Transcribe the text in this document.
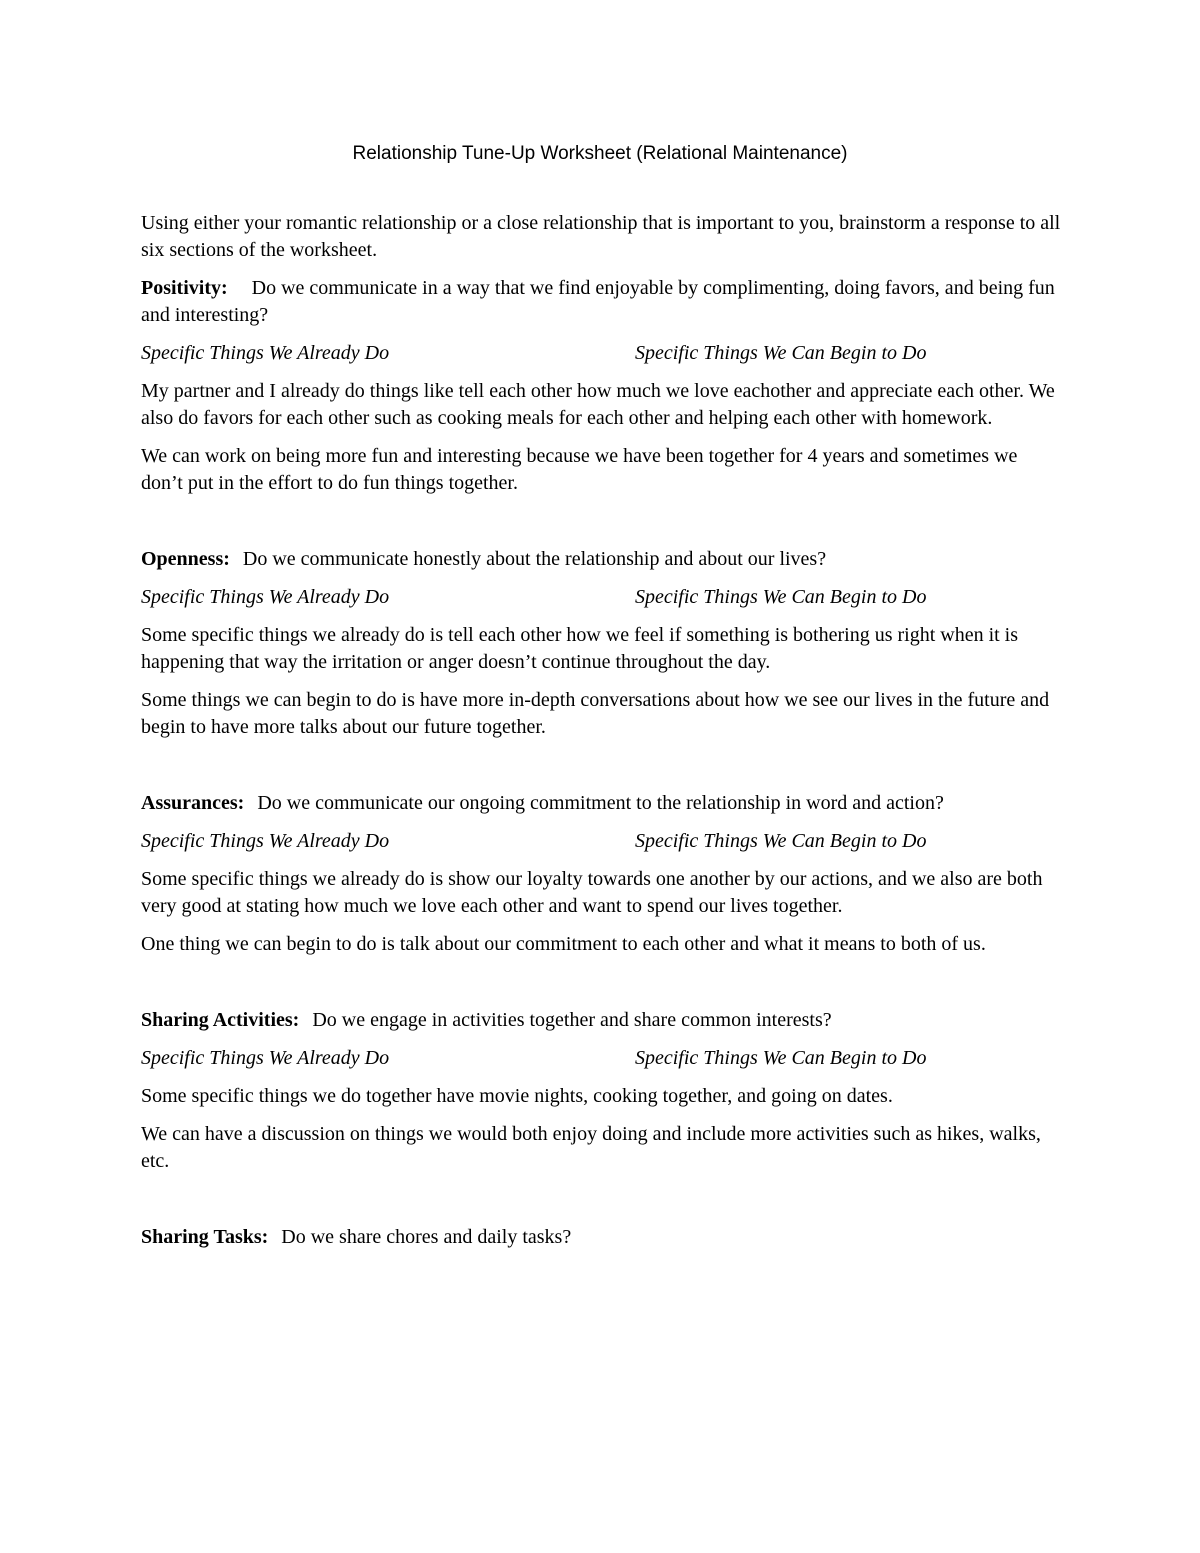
Relationship Tune-Up Worksheet (Relational Maintenance)

Using either your romantic relationship or a close relationship that is important to you, brainstorm a response to all six sections of the worksheet.

Positivity: Do we communicate in a way that we find enjoyable by complimenting, doing favors, and being fun and interesting?

Specific Things We Already Do	Specific Things We Can Begin to Do

My partner and I already do things like tell each other how much we love eachother and appreciate each other. We also do favors for each other such as cooking meals for each other and helping each other with homework.

We can work on being more fun and interesting because we have been together for 4 years and sometimes we don’t put in the effort to do fun things together.

Openness: Do we communicate honestly about the relationship and about our lives?

Specific Things We Already Do	Specific Things We Can Begin to Do

Some specific things we already do is tell each other how we feel if something is bothering us right when it is happening that way the irritation or anger doesn’t continue throughout the day.

Some things we can begin to do is have more in-depth conversations about how we see our lives in the future and begin to have more talks about our future together.

Assurances: Do we communicate our ongoing commitment to the relationship in word and action?

Specific Things We Already Do	Specific Things We Can Begin to Do

Some specific things we already do is show our loyalty towards one another by our actions, and we also are both very good at stating how much we love each other and want to spend our lives together.

One thing we can begin to do is talk about our commitment to each other and what it means to both of us.

Sharing Activities: Do we engage in activities together and share common interests?

Specific Things We Already Do	Specific Things We Can Begin to Do

Some specific things we do together have movie nights, cooking together, and going on dates.

We can have a discussion on things we would both enjoy doing and include more activities such as hikes, walks, etc.

Sharing Tasks: Do we share chores and daily tasks?
